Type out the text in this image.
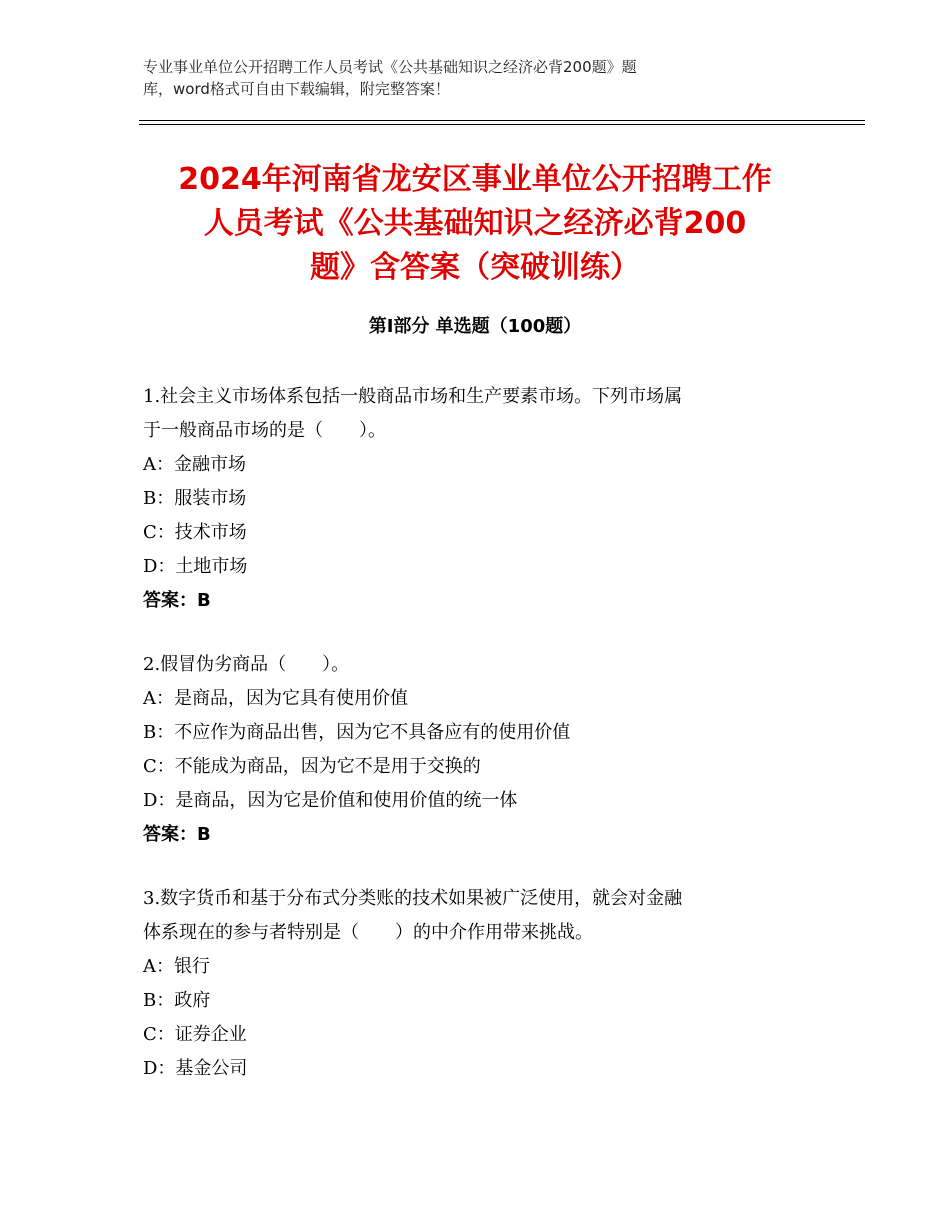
专业事业单位公开招聘工作人员考试《公共基础知识之经济必背200题》题
库，word格式可自由下载编辑，附完整答案！
2024年河南省龙安区事业单位公开招聘工作
人员考试《公共基础知识之经济必背200
题》含答案（突破训练）
第Ⅰ部分 单选题（100题）
1.社会主义市场体系包括一般商品市场和生产要素市场。下列市场属
于一般商品市场的是（　　）。
A：金融市场
B：服装市场
C：技术市场
D：土地市场
答案：B
2.假冒伪劣商品（　　）。
A：是商品，因为它具有使用价值
B：不应作为商品出售，因为它不具备应有的使用价值
C：不能成为商品，因为它不是用于交换的
D：是商品，因为它是价值和使用价值的统一体
答案：B
3.数字货币和基于分布式分类账的技术如果被广泛使用，就会对金融
体系现在的参与者特别是（　　）的中介作用带来挑战。
A：银行
B：政府
C：证券企业
D：基金公司
